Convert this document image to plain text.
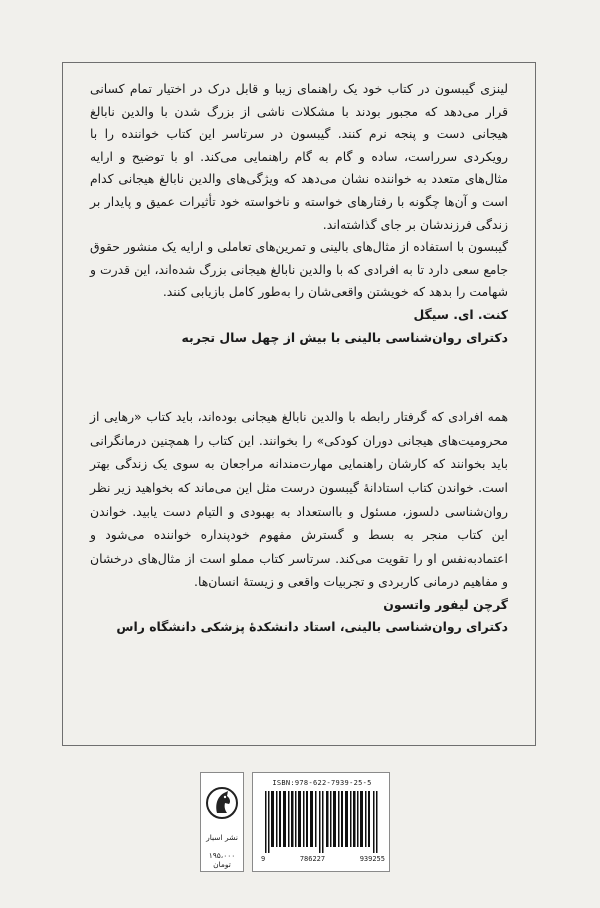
لینزی گیبسون در کتاب خود یک راهنمای زیبا و قابل درک در اختیار تمام کسانی قرار می‌دهد که مجبور بودند با مشکلات ناشی از بزرگ شدن با والدین نابالغ هیجانی دست و پنجه نرم کنند. گیبسون در سرتاسر این کتاب خواننده را با رویکردی سرراست، ساده و گام به گام راهنمایی می‌کند. او با توضیح و ارایه مثال‌های متعدد به خواننده نشان می‌دهد که ویژگی‌های والدین نابالغ هیجانی کدام است و آن‌ها چگونه با رفتارهای خواسته و ناخواسته خود تأثیرات عمیق و پایدار بر زندگی فرزندشان بر جای گذاشته‌اند.

گیبسون با استفاده از مثال‌های بالینی و تمرین‌های تعاملی و ارایه یک منشور حقوق جامع سعی دارد تا به افرادی که با والدین نابالغ هیجانی بزرگ شده‌اند، این قدرت و شهامت را بدهد که خویشتن واقعی‌شان را به‌طور کامل بازیابی کنند.

کنت. ای. سیگل

دکترای روان‌شناسی بالینی با بیش از چهل سال تجربه

همه افرادی که گرفتار رابطه با والدین نابالغ هیجانی بوده‌اند، باید کتاب «رهایی از محرومیت‌های هیجانی دوران کودکی» را بخوانند. این کتاب را همچنین درمانگرانی باید بخوانند که کارشان راهنمایی مهارت‌مندانه مراجعان به سوی یک زندگی بهتر است. خواندن کتاب استادانهٔ گیبسون درست مثل این می‌ماند که بخواهید زیر نظر روان‌شناسی دلسوز، مسئول و بااستعداد به بهبودی و التیام دست یابید. خواندن این کتاب منجر به بسط و گسترش مفهوم خودپنداره خواننده می‌شود و اعتمادبه‌نفس او را تقویت می‌کند. سرتاسر کتاب مملو است از مثال‌های درخشان و مفاهیم درمانی کاربردی و تجربیات واقعی و زیستهٔ انسان‌ها.

گرچن لیفور واتسون

دکترای روان‌شناسی بالینی، استاد دانشکدهٔ پزشکی دانشگاه راس

نشر اسبار
۱۹۵،۰۰۰ تومان
ISBN:978-622-7939-25-5
9	786227	939255
